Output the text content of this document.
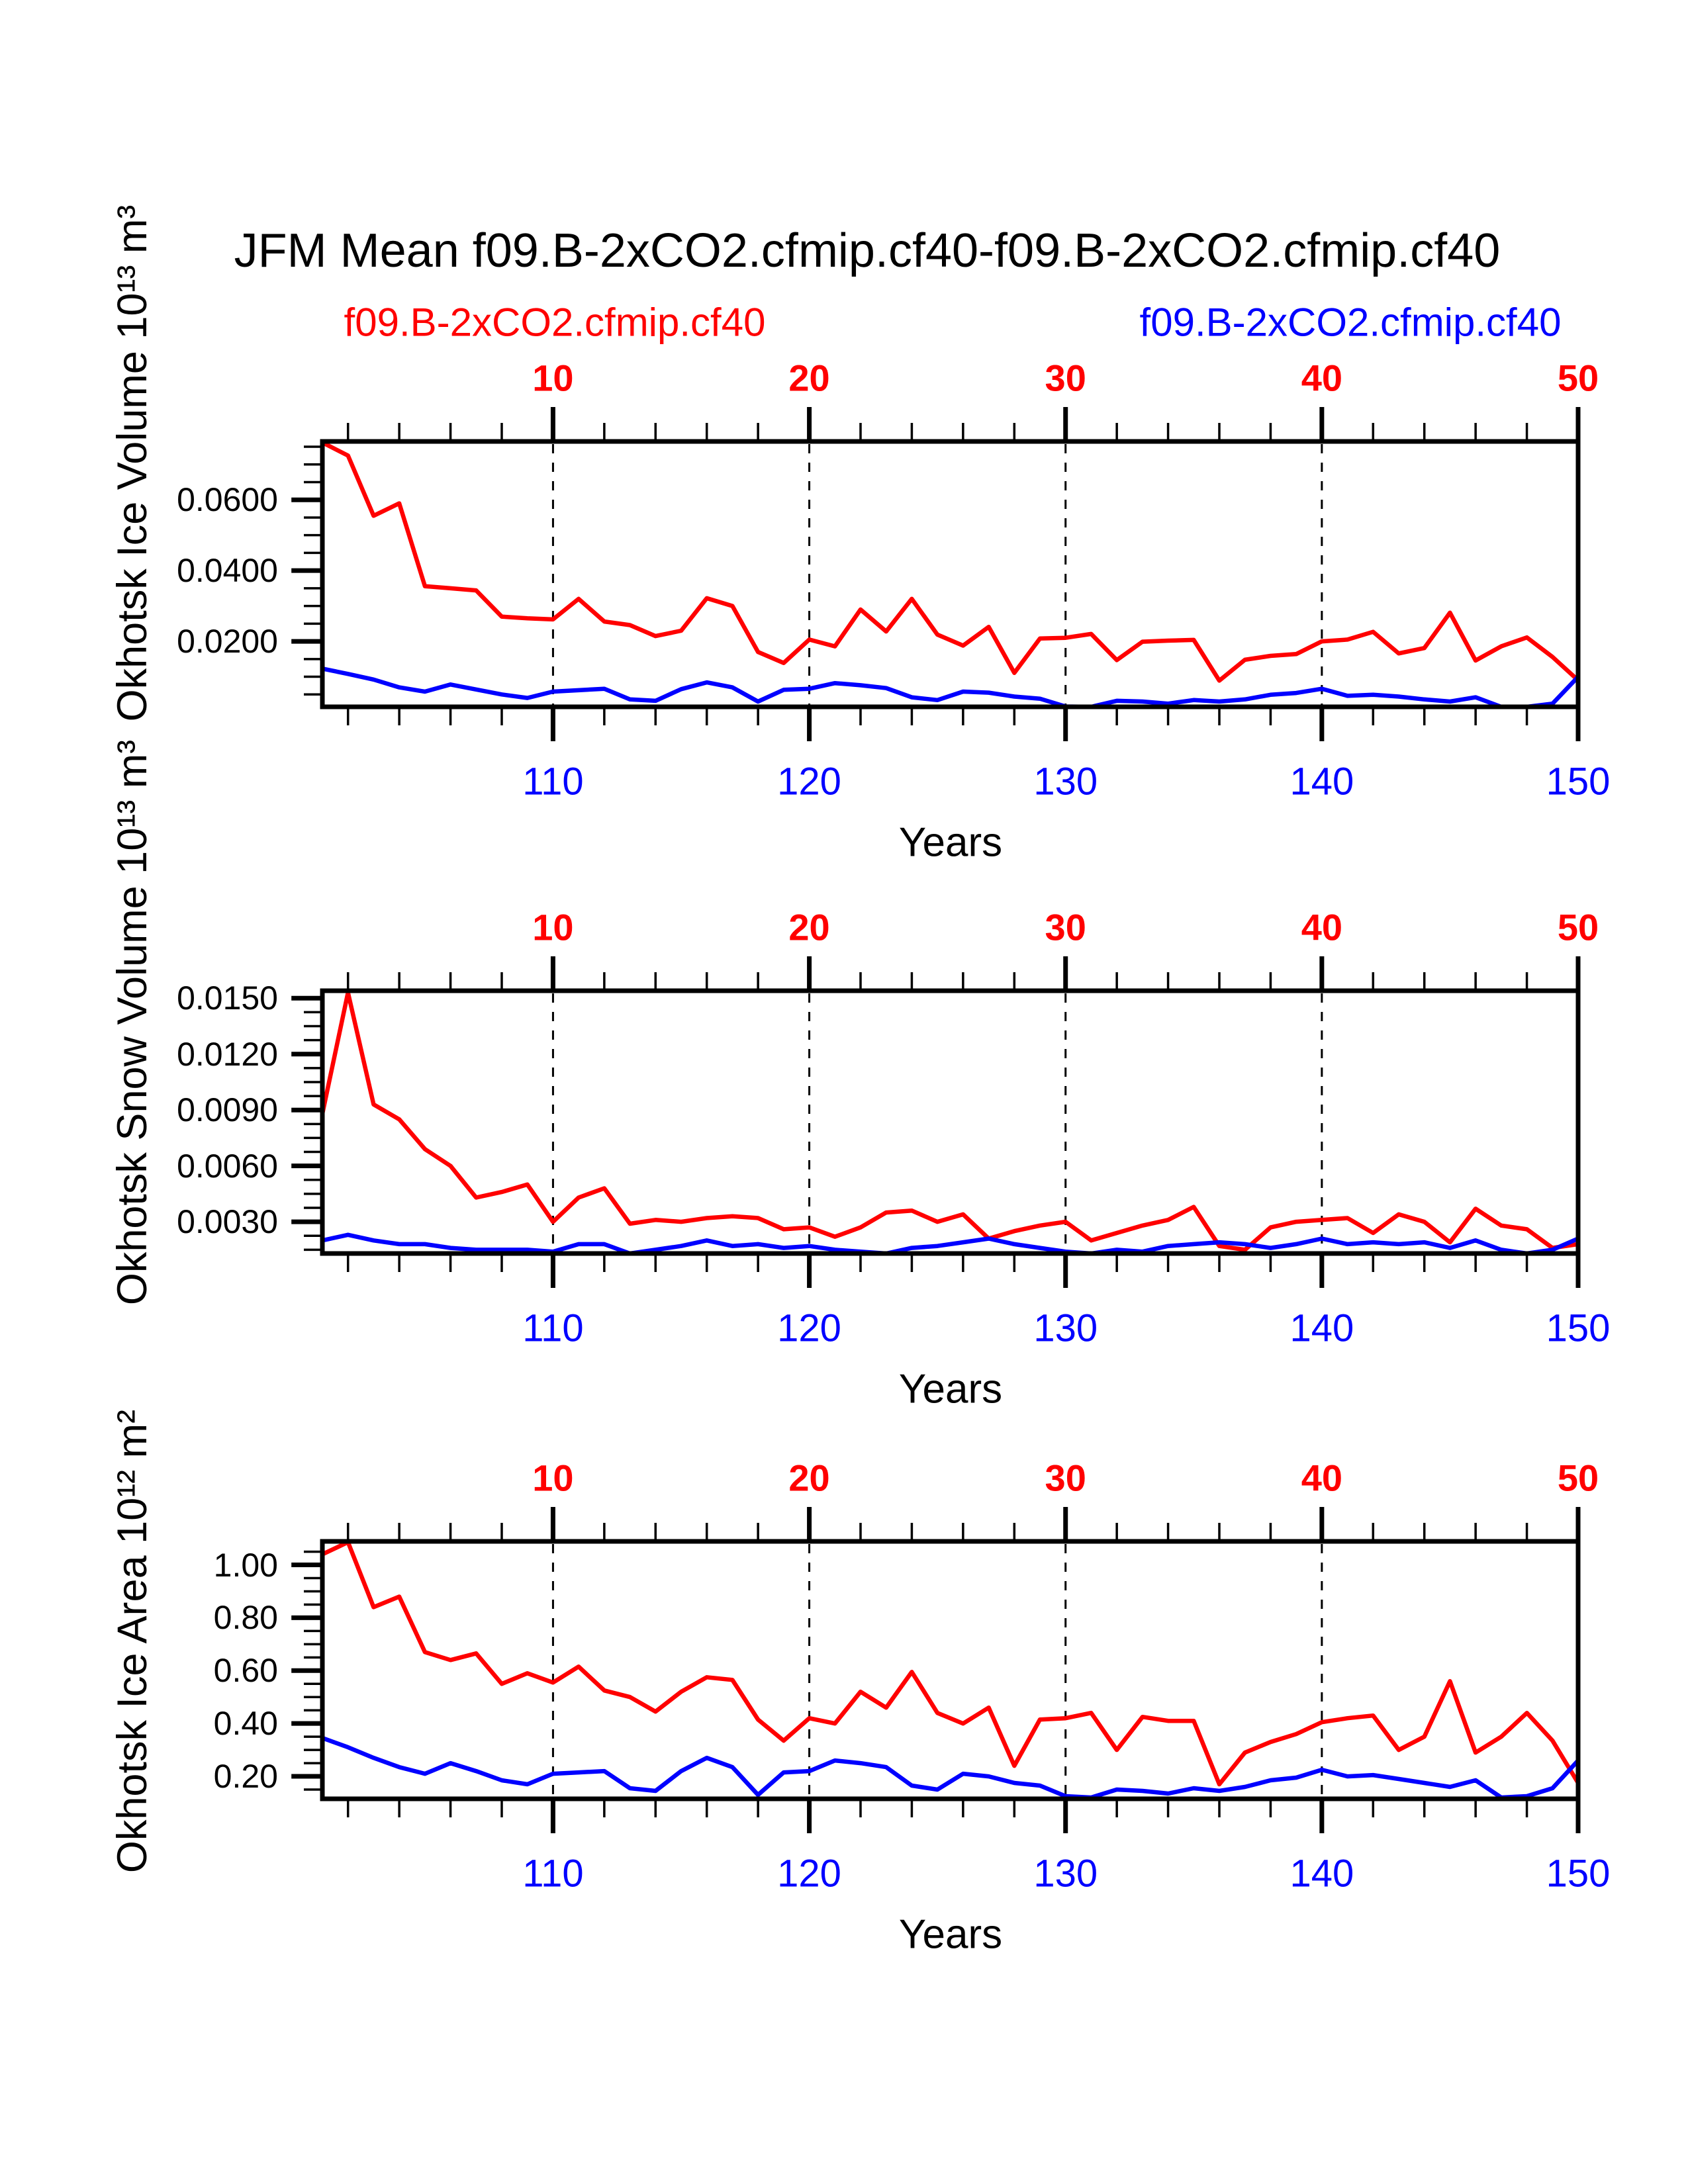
JFM Mean f09.B-2xCO2.cfmip.cf40-f09.B-2xCO2.cfmip.cf40
f09.B-2xCO2.cfmip.cf40	f09.B-2xCO2.cfmip.cf40
Okhotsk Ice Volume 10¹³ m³
Okhotsk Snow Volume 10¹³ m³
Okhotsk Ice Area 10¹² m²
Years
Years
Years
0.0200
0.0400
0.0600
110
10
120
20
130
30
140
40
150
50
0.0030
0.0060
0.0090
0.0120
0.0150
110
10
120
20
130
30
140
40
150
50
0.20
0.40
0.60
0.80
1.00
110
10
120
20
130
30
140
40
150
50
